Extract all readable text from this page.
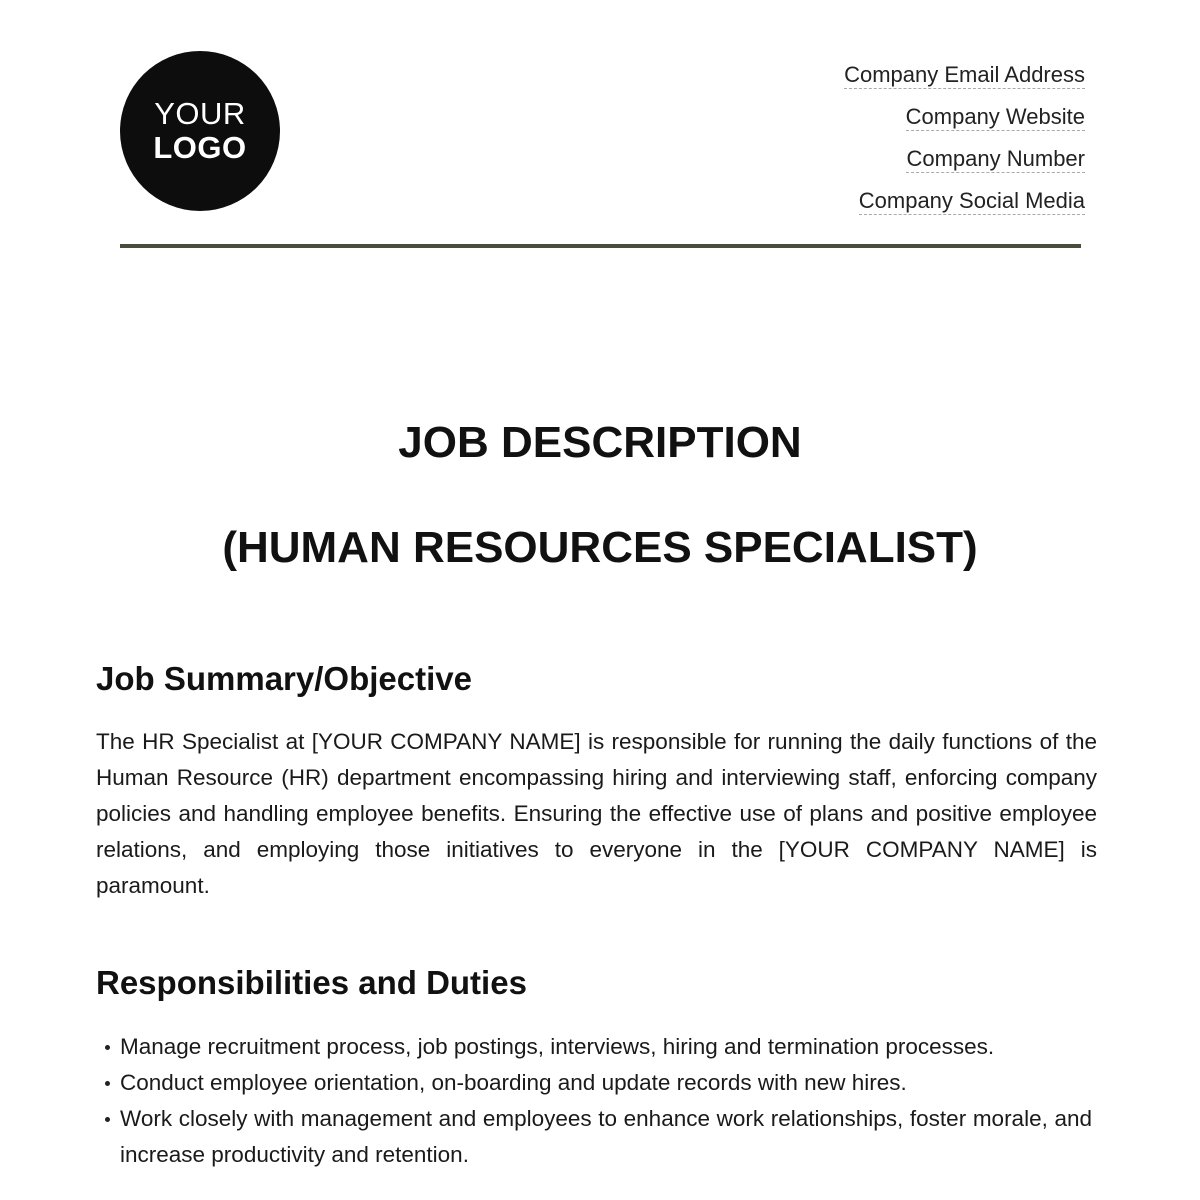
YOUR
LOGO
Company Email Address
Company Website
Company Number
Company Social Media
JOB DESCRIPTION
(HUMAN RESOURCES SPECIALIST)
Job Summary/Objective
The HR Specialist at [YOUR COMPANY NAME] is responsible for running the daily functions of the Human Resource (HR) department encompassing hiring and interviewing staff, enforcing company policies and handling employee benefits. Ensuring the effective use of plans and positive employee relations, and employing those initiatives to everyone in the [YOUR COMPANY NAME] is paramount.
Responsibilities and Duties
Manage recruitment process, job postings, interviews, hiring and termination processes.
Conduct employee orientation, on-boarding and update records with new hires.
Work closely with management and employees to enhance work relationships, foster morale, and increase productivity and retention.
